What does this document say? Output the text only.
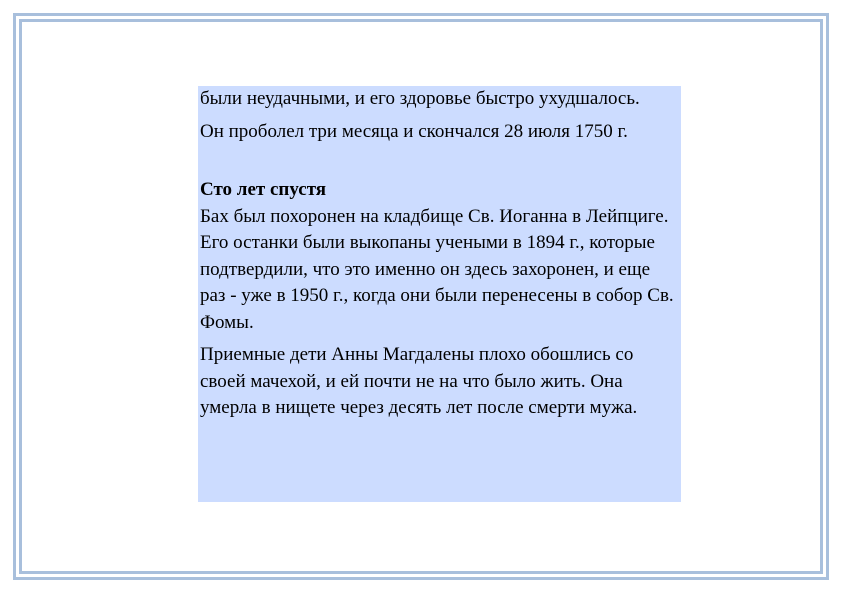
были неудачными, и его здоровье быстро ухудшалось.

Он проболел три месяца и скончался 28 июля 1750 г.

Сто лет спустя

Бах был похоронен на кладбище Св. Иоганна в Лейпциге. Его останки были выкопаны учеными в 1894 г., которые подтвердили, что это именно он здесь захоронен, и еще раз - уже в 1950 г., когда они были перенесены в собор Св. Фомы.

Приемные дети Анны Магдалены плохо обошлись со своей мачехой, и ей почти не на что было жить. Она умерла в нищете через десять лет после смерти мужа.
